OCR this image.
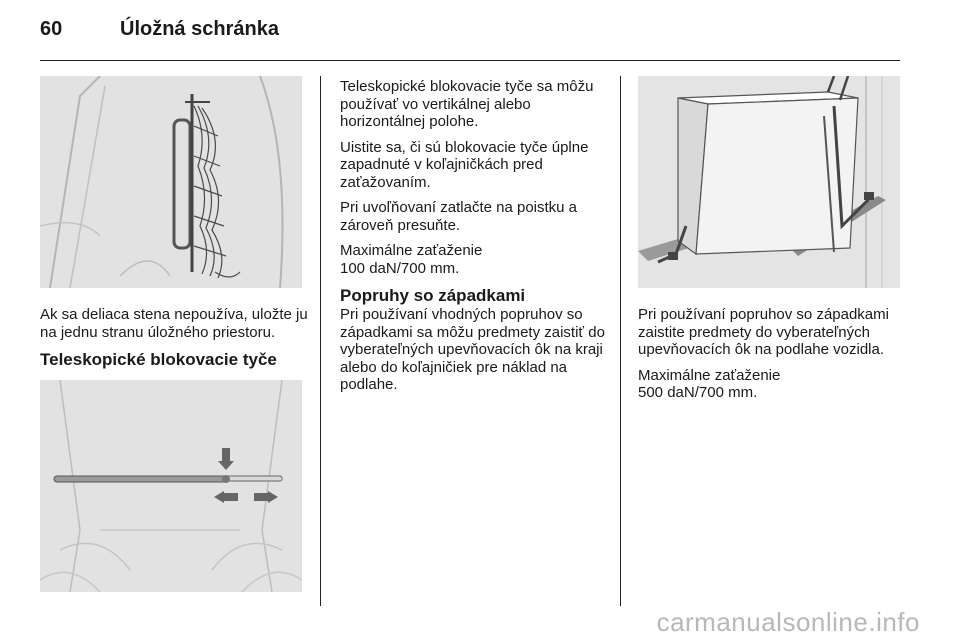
60	Úložná schránka
Ak sa deliaca stena nepoužíva, uložte ju na jednu stranu úložného priestoru.
Teleskopické blokovacie tyče

Teleskopické blokovacie tyče sa môžu používať vo vertikálnej alebo horizontálnej polohe.

Uistite sa, či sú blokovacie tyče úplne zapadnuté v koľajničkách pred zaťažovaním.

Pri uvoľňovaní zatlačte na poistku a zároveň presuňte.

Maximálne zaťaženie
100 daN/700 mm.

Popruhy so západkami
Pri používaní vhodných popruhov so západkami sa môžu predmety zaistiť do vyberateľných upevňovacích ôk na kraji alebo do koľajničiek pre náklad na podlahe.

Pri používaní popruhov so západkami zaistite predmety do vyberateľných upevňovacích ôk na podlahe vozidla.

Maximálne zaťaženie
500 daN/700 mm.

carmanualsonline.info
